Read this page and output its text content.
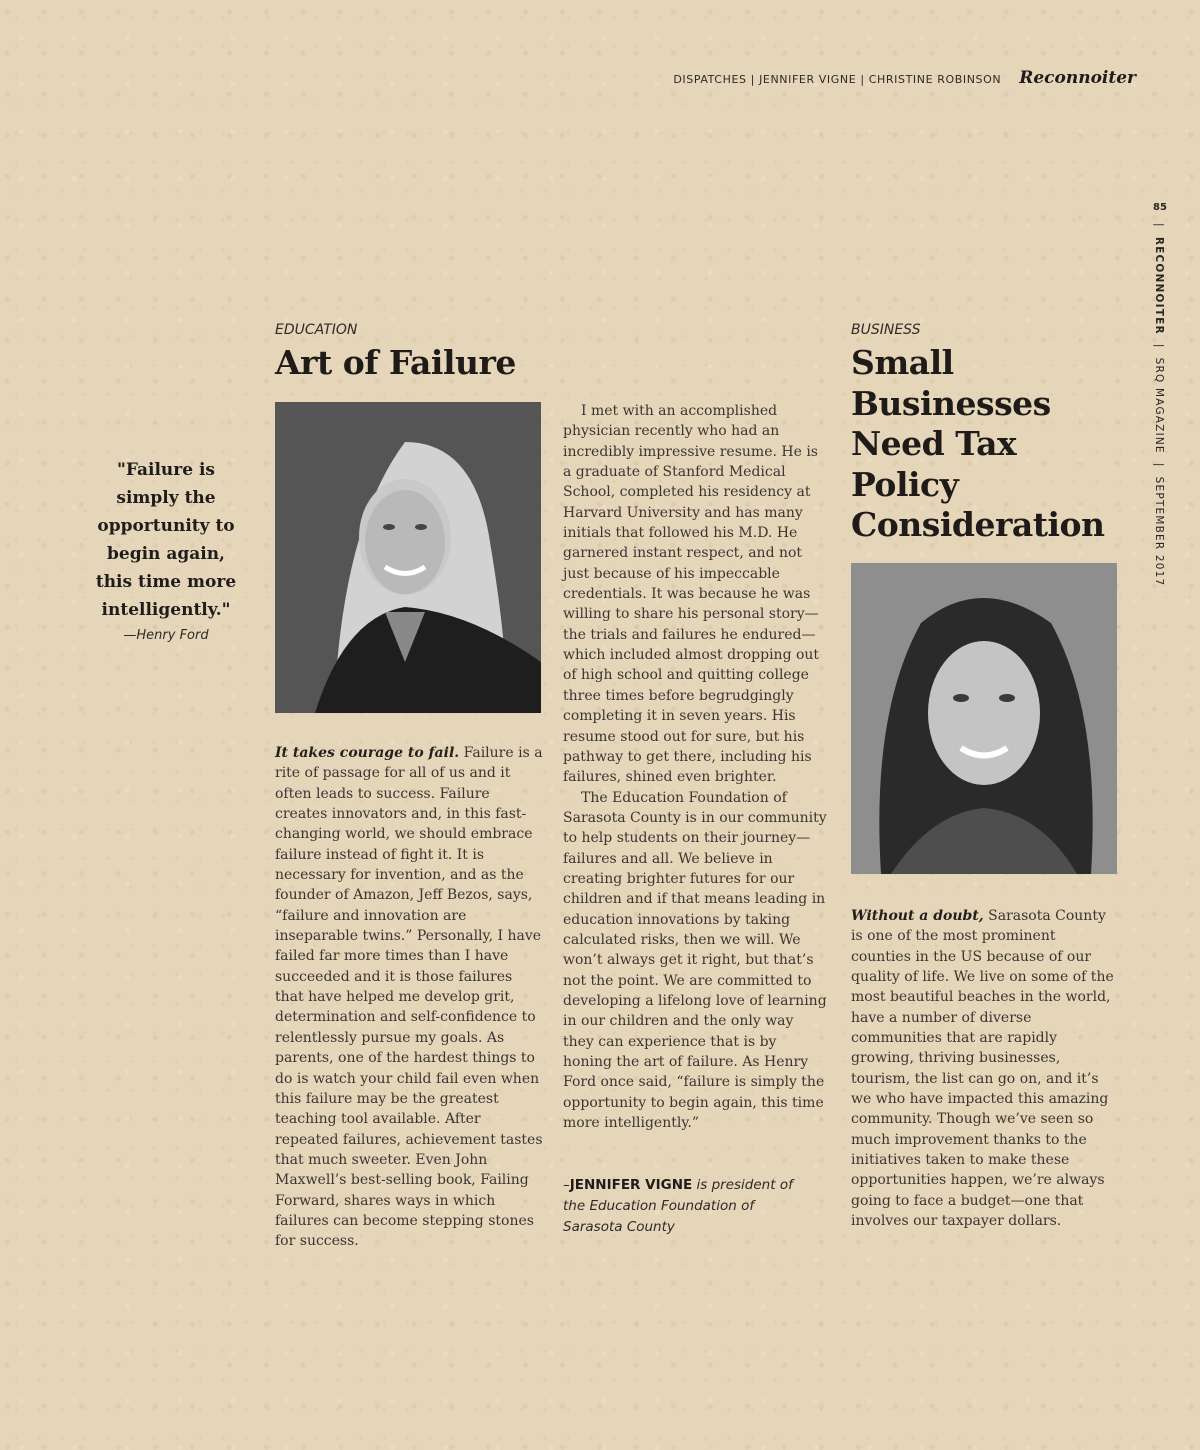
DISPATCHES | JENNIFER VIGNE | CHRISTINE ROBINSON Reconnoiter
85
|  RECONNOITER  |  SRQ MAGAZINE  |  SEPTEMBER 2017
"Failure is simply the opportunity to begin again, this time more intelligently."
—Henry Ford
EDUCATION
Art of Failure

It takes courage to fail. Failure is a rite of passage for all of us and it often leads to success. Failure creates innovators and, in this fast-changing world, we should embrace failure instead of fight it. It is necessary for invention, and as the founder of Amazon, Jeff Bezos, says, “failure and innovation are inseparable twins.” Personally, I have failed far more times than I have succeeded and it is those failures that have helped me develop grit, determination and self-confidence to relentlessly pursue my goals. As parents, one of the hardest things to do is watch your child fail even when this failure may be the greatest teaching tool available. After repeated failures, achievement tastes that much sweeter. Even John Maxwell’s best-selling book, Failing Forward, shares ways in which failures can become stepping stones for success.

I met with an accomplished physician recently who had an incredibly impressive resume. He is a graduate of Stanford Medical School, completed his residency at Harvard University and has many initials that followed his M.D. He garnered instant respect, and not just because of his impeccable credentials. It was because he was willing to share his personal story—the trials and failures he endured—which included almost dropping out of high school and quitting college three times before begrudgingly completing it in seven years. His resume stood out for sure, but his pathway to get there, including his failures, shined even brighter.

The Education Foundation of Sarasota County is in our community to help students on their journey—failures and all. We believe in creating brighter futures for our children and if that means leading in education innovations by taking calculated risks, then we will. We won’t always get it right, but that’s not the point. We are committed to developing a lifelong love of learning in our children and the only way they can experience that is by honing the art of failure. As Henry Ford once said, “failure is simply the opportunity to begin again, this time more intelligently.”

–JENNIFER VIGNE is president of the Education Foundation of Sarasota County
BUSINESS
Small Businesses Need Tax Policy Consideration

Without a doubt, Sarasota County is one of the most prominent counties in the US because of our quality of life. We live on some of the most beautiful beaches in the world, have a number of diverse communities that are rapidly growing, thriving businesses, tourism, the list can go on, and it’s we who have impacted this amazing community. Though we’ve seen so much improvement thanks to the initiatives taken to make these opportunities happen, we’re always going to face a budget—one that involves our taxpayer dollars.
